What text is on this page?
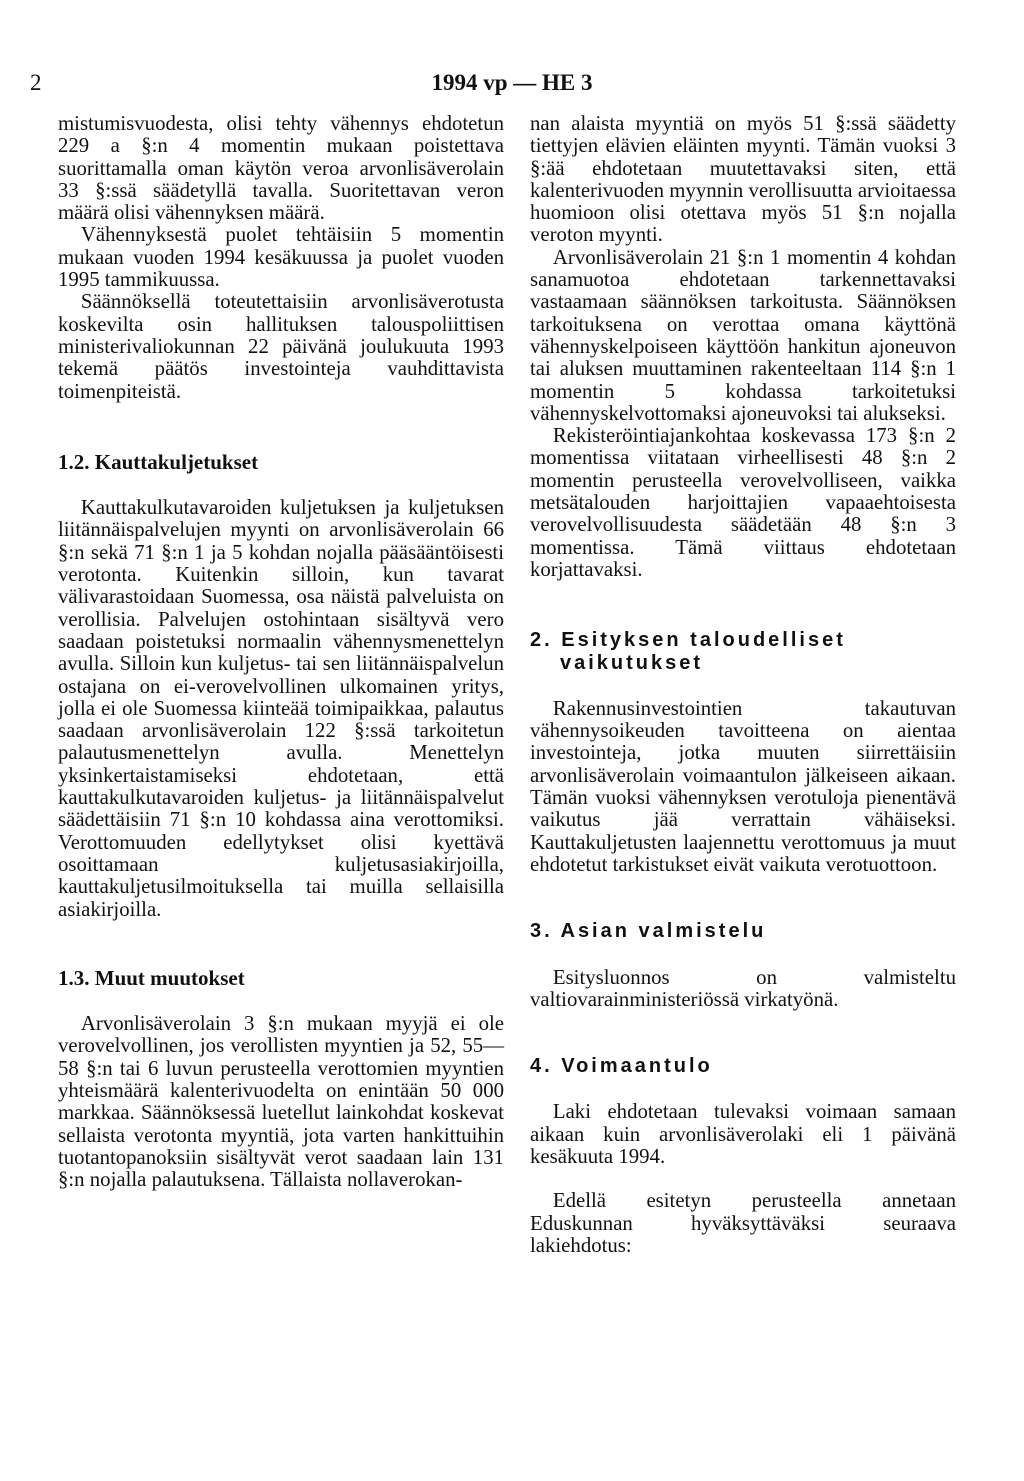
2	1994 vp — HE 3

mistumisvuodesta, olisi tehty vähennys ehdotetun 229 a §:n 4 momentin mukaan poistettava suorittamalla oman käytön veroa arvonlisäverolain 33 §:ssä säädetyllä tavalla. Suoritettavan veron määrä olisi vähennyksen määrä.

Vähennyksestä puolet tehtäisiin 5 momentin mukaan vuoden 1994 kesäkuussa ja puolet vuoden 1995 tammikuussa.

Säännöksellä toteutettaisiin arvonlisäverotusta koskevilta osin hallituksen talouspoliittisen ministerivaliokunnan 22 päivänä joulukuuta 1993 tekemä päätös investointeja vauhdittavista toimenpiteistä.

1.2. Kauttakuljetukset

Kauttakulkutavaroiden kuljetuksen ja kuljetuksen liitännäispalvelujen myynti on arvonlisäverolain 66 §:n sekä 71 §:n 1 ja 5 kohdan nojalla pääsääntöisesti verotonta. Kuitenkin silloin, kun tavarat välivarastoidaan Suomessa, osa näistä palveluista on verollisia. Palvelujen ostohintaan sisältyvä vero saadaan poistetuksi normaalin vähennysmenettelyn avulla. Silloin kun kuljetus- tai sen liitännäispalvelun ostajana on ei-verovelvollinen ulkomainen yritys, jolla ei ole Suomessa kiinteää toimipaikkaa, palautus saadaan arvonlisäverolain 122 §:ssä tarkoitetun palautusmenettelyn avulla. Menettelyn yksinkertaistamiseksi ehdotetaan, että kauttakulkutavaroiden kuljetus- ja liitännäispalvelut säädettäisiin 71 §:n 10 kohdassa aina verottomiksi. Verottomuuden edellytykset olisi kyettävä osoittamaan kuljetusasiakirjoilla, kauttakuljetusilmoituksella tai muilla sellaisilla asiakirjoilla.

1.3. Muut muutokset

Arvonlisäverolain 3 §:n mukaan myyjä ei ole verovelvollinen, jos verollisten myyntien ja 52, 55—58 §:n tai 6 luvun perusteella verottomien myyntien yhteismäärä kalenterivuodelta on enintään 50 000 markkaa. Säännöksessä luetellut lainkohdat koskevat sellaista verotonta myyntiä, jota varten hankittuihin tuotantopanoksiin sisältyvät verot saadaan lain 131 §:n nojalla palautuksena. Tällaista nollaverokan-

nan alaista myyntiä on myös 51 §:ssä säädetty tiettyjen elävien eläinten myynti. Tämän vuoksi 3 §:ää ehdotetaan muutettavaksi siten, että kalenterivuoden myynnin verollisuutta arvioitaessa huomioon olisi otettava myös 51 §:n nojalla veroton myynti.

Arvonlisäverolain 21 §:n 1 momentin 4 kohdan sanamuotoa ehdotetaan tarkennettavaksi vastaamaan säännöksen tarkoitusta. Säännöksen tarkoituksena on verottaa omana käyttönä vähennyskelpoiseen käyttöön hankitun ajoneuvon tai aluksen muuttaminen rakenteeltaan 114 §:n 1 momentin 5 kohdassa tarkoitetuksi vähennyskelvottomaksi ajoneuvoksi tai alukseksi.

Rekisteröintiajankohtaa koskevassa 173 §:n 2 momentissa viitataan virheellisesti 48 §:n 2 momentin perusteella verovelvolliseen, vaikka metsätalouden harjoittajien vapaaehtoisesta verovelvollisuudesta säädetään 48 §:n 3 momentissa. Tämä viittaus ehdotetaan korjattavaksi.

2. Esityksen taloudelliset vaikutukset

Rakennusinvestointien takautuvan vähennysoikeuden tavoitteena on aientaa investointeja, jotka muuten siirrettäisiin arvonlisäverolain voimaantulon jälkeiseen aikaan. Tämän vuoksi vähennyksen verotuloja pienentävä vaikutus jää verrattain vähäiseksi. Kauttakuljetusten laajennettu verottomuus ja muut ehdotetut tarkistukset eivät vaikuta verotuottoon.

3. Asian valmistelu

Esitysluonnos on valmisteltu valtiovarainministeriössä virkatyönä.

4. Voimaantulo

Laki ehdotetaan tulevaksi voimaan samaan aikaan kuin arvonlisäverolaki eli 1 päivänä kesäkuuta 1994.

Edellä esitetyn perusteella annetaan Eduskunnan hyväksyttäväksi seuraava lakiehdotus:
